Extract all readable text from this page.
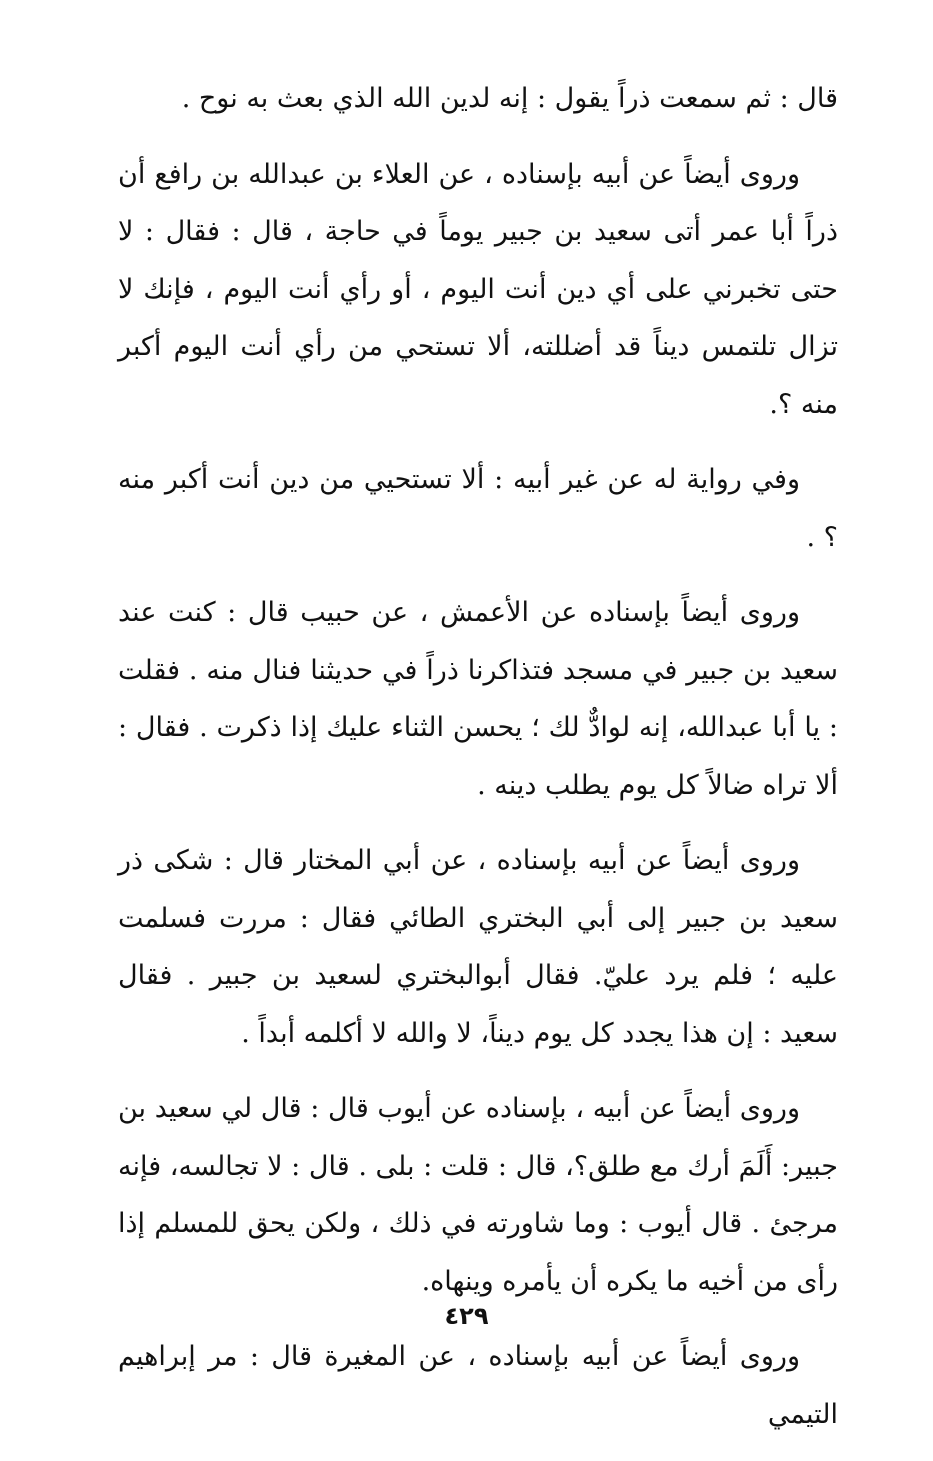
قال : ثم سمعت ذراً يقول : إنه لدين الله الذي بعث به نوح .

وروى أيضاً عن أبيه بإسناده ، عن العلاء بن عبدالله بن رافع أن ذراً أبا عمر أتى سعيد بن جبير يوماً في حاجة ، قال : فقال : لا حتى تخبرني على أي دين أنت اليوم ، أو رأي أنت اليوم ، فإنك لا تزال تلتمس ديناً قد أضللته، ألا تستحي من رأي أنت اليوم أكبر منه ؟.

وفي رواية له عن غير أبيه : ألا تستحيي من دين أنت أكبر منه ؟ .

وروى أيضاً بإسناده عن الأعمش ، عن حبيب قال : كنت عند سعيد بن جبير في مسجد فتذاكرنا ذراً في حديثنا فنال منه . فقلت : يا أبا عبدالله، إنه لوادٌّ لك ؛ يحسن الثناء عليك إذا ذكرت . فقال : ألا تراه ضالاً كل يوم يطلب دينه .

وروى أيضاً عن أبيه بإسناده ، عن أبي المختار قال : شكى ذر سعيد بن جبير إلى أبي البختري الطائي فقال : مررت فسلمت عليه ؛ فلم يرد عليّ. فقال أبوالبختري لسعيد بن جبير . فقال سعيد : إن هذا يجدد كل يوم ديناً، لا والله لا أكلمه أبداً .

وروى أيضاً عن أبيه ، بإسناده عن أيوب قال : قال لي سعيد بن جبير: أَلَمَ أرك مع طلق؟، قال : قلت : بلى . قال : لا تجالسه، فإنه مرجئ . قال أيوب : وما شاورته في ذلك ، ولكن يحق للمسلم إذا رأى من أخيه ما يكره أن يأمره وينهاه.

وروى أيضاً عن أبيه بإسناده ، عن المغيرة قال : مر إبراهيم التيمي

٤٢٩
